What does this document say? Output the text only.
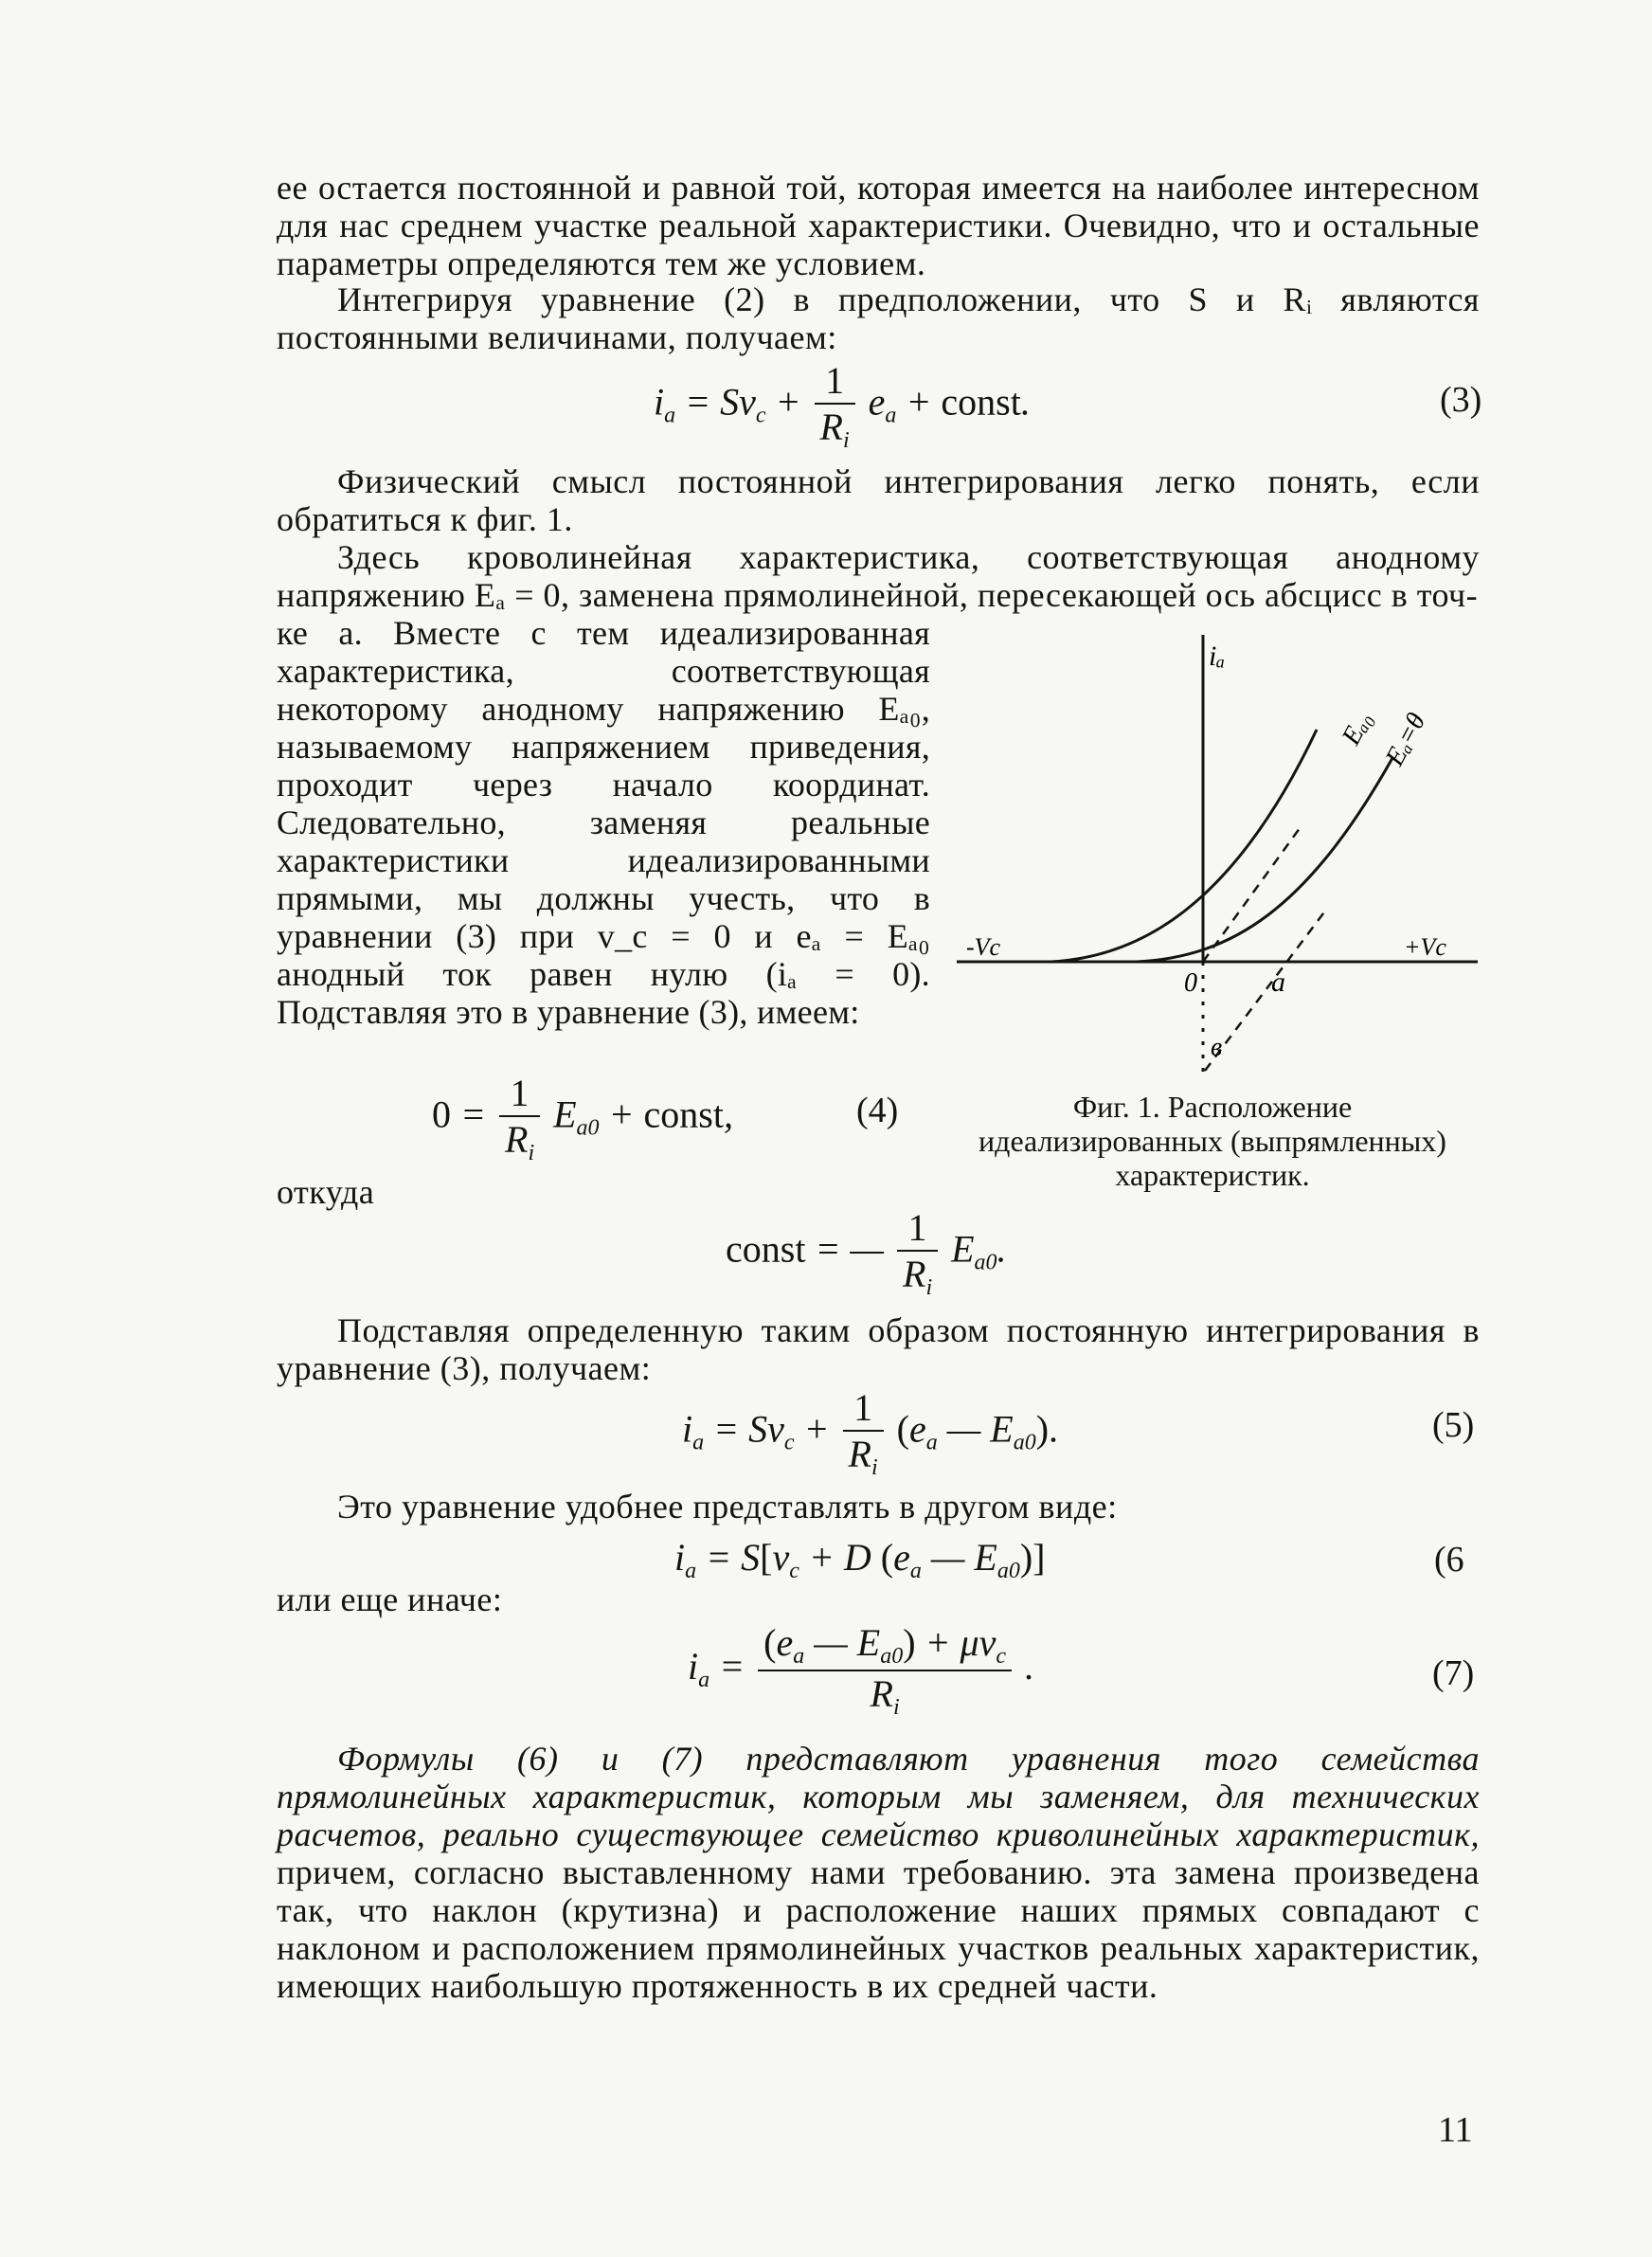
ее остается постоянной и равной той, которая имеется на наиболее интересном для нас среднем участке реальной характеристики. Очевидно, что и остальные параметры определяются тем же условием.
Интегрируя уравнение (2) в предположении, что S и Rᵢ являются постоянными величинами, получаем:
$i_a = Sv_c + \frac{1}{R_i} e_a$ + const.	(3)
Физический смысл постоянной интегрирования легко понять, если обратиться к фиг. 1.
Здесь кроволинейная характеристика, соответствующая анодному напряжению Eₐ = 0, заменена прямолинейной, пересекающей ось абсцисс в точ-
ке a. Вместе с тем идеализированная характеристика, соответствующая некоторому анодному напряжению Eₐ₀, называемому напряжением приведения, проходит через начало координат. Следовательно, заменяя реальные характеристики идеализированными прямыми, мы должны учесть, что в уравнении (3) при v_c = 0 и eₐ = Eₐ₀ анодный ток равен нулю (iₐ = 0). Подставляя это в уравнение (3), имеем:
$0 = \frac{1}{R_i} E_{a0}$ + const,	(4)
iₐ
-Vc	+Vc
0	a
в
Eₐ₀ Eₐ=θ
Фиг. 1. Расположение идеализированных (выпрямленных) характеристик.
откуда
const = — $\frac{1}{R_i} E_{a0}$.
Подставляя определенную таким образом постоянную интегрирования в уравнение (3), получаем:
$i_a = Sv_c + \frac{1}{R_i} (e_a$ — $E_{a0}$).	(5)
Это уравнение удобнее представлять в другом виде:
$i_a = S[v_c + D$ ($e_a$ — $E_{a0}$)]	(6
или еще иначе:
$i_a = \frac{(e_a — E_{a0}) + \mu v_c}{R_i}$ .	(7)
Формулы (6) и (7) представляют уравнения того семейства прямолинейных характеристик, которым мы заменяем, для технических расчетов, реально существующее семейство криволинейных характеристик, причем, согласно выставленному нами требованию. эта замена произведена так, что наклон (крутизна) и расположение наших прямых совпадают с наклоном и расположением прямолинейных участков реальных характеристик, имеющих наибольшую протяженность в их средней части.
11
